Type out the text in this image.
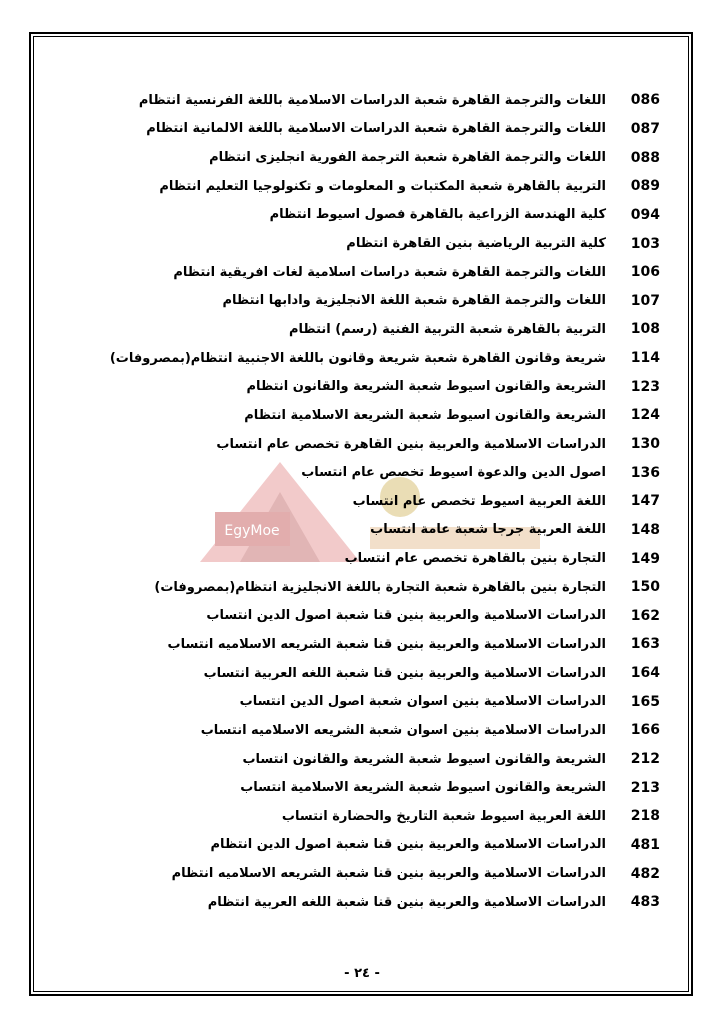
EgyMoe
086
اللغات والترجمة القاهرة شعبة الدراسات الاسلامية باللغة الفرنسية انتظام
087
اللغات والترجمة القاهرة شعبة الدراسات الاسلامية باللغة الالمانية انتظام
088
اللغات والترجمة القاهرة شعبة الترجمة الفورية انجليزى انتظام
089
التربية بالقاهرة شعبة المكتبات و المعلومات و تكنولوجيا التعليم انتظام
094
كلية الهندسة الزراعية بالقاهرة فصول اسيوط انتظام
103
كلية التربية الرياضية بنين القاهرة انتظام
106
اللغات والترجمة القاهرة شعبة دراسات اسلامية لغات افريقية انتظام
107
اللغات والترجمة القاهرة شعبة اللغة الانجليزية وادابها انتظام
108
التربية بالقاهرة شعبة التربية الفنية (رسم) انتظام
114
شريعة وقانون القاهرة شعبة شريعة وقانون باللغة الاجنبية انتظام(بمصروفات)
123
الشريعة والقانون اسيوط شعبة الشريعة والقانون انتظام
124
الشريعة والقانون اسيوط شعبة الشريعة الاسلامية انتظام
130
الدراسات الاسلامية والعربية بنين القاهرة تخصص عام انتساب
136
اصول الدين والدعوة اسيوط تخصص عام انتساب
147
اللغة العربية اسيوط تخصص عام انتساب
148
اللغة العربية جرجا شعبة عامة انتساب
149
التجارة بنين بالقاهرة تخصص عام انتساب
150
التجارة بنين بالقاهرة شعبة التجارة باللغة الانجليزية انتظام(بمصروفات)
162
الدراسات الاسلامية والعربية بنين قنا شعبة اصول الدين انتساب
163
الدراسات الاسلامية والعربية بنين قنا شعبة الشريعه الاسلاميه انتساب
164
الدراسات الاسلامية والعربية بنين قنا شعبة اللغه العربية انتساب
165
الدراسات الاسلامية بنين اسوان شعبة اصول الدين انتساب
166
الدراسات الاسلامية بنين اسوان شعبة الشريعه الاسلاميه انتساب
212
الشريعة والقانون اسيوط شعبة الشريعة والقانون انتساب
213
الشريعة والقانون اسيوط شعبة الشريعة الاسلامية انتساب
218
اللغة العربية اسيوط شعبة التاريخ والحضارة انتساب
481
الدراسات الاسلامية والعربية بنين قنا شعبة اصول الدين انتظام
482
الدراسات الاسلامية والعربية بنين قنا شعبة الشريعه الاسلاميه انتظام
483
الدراسات الاسلامية والعربية بنين قنا شعبة اللغه العربية انتظام
- ٢٤ -
